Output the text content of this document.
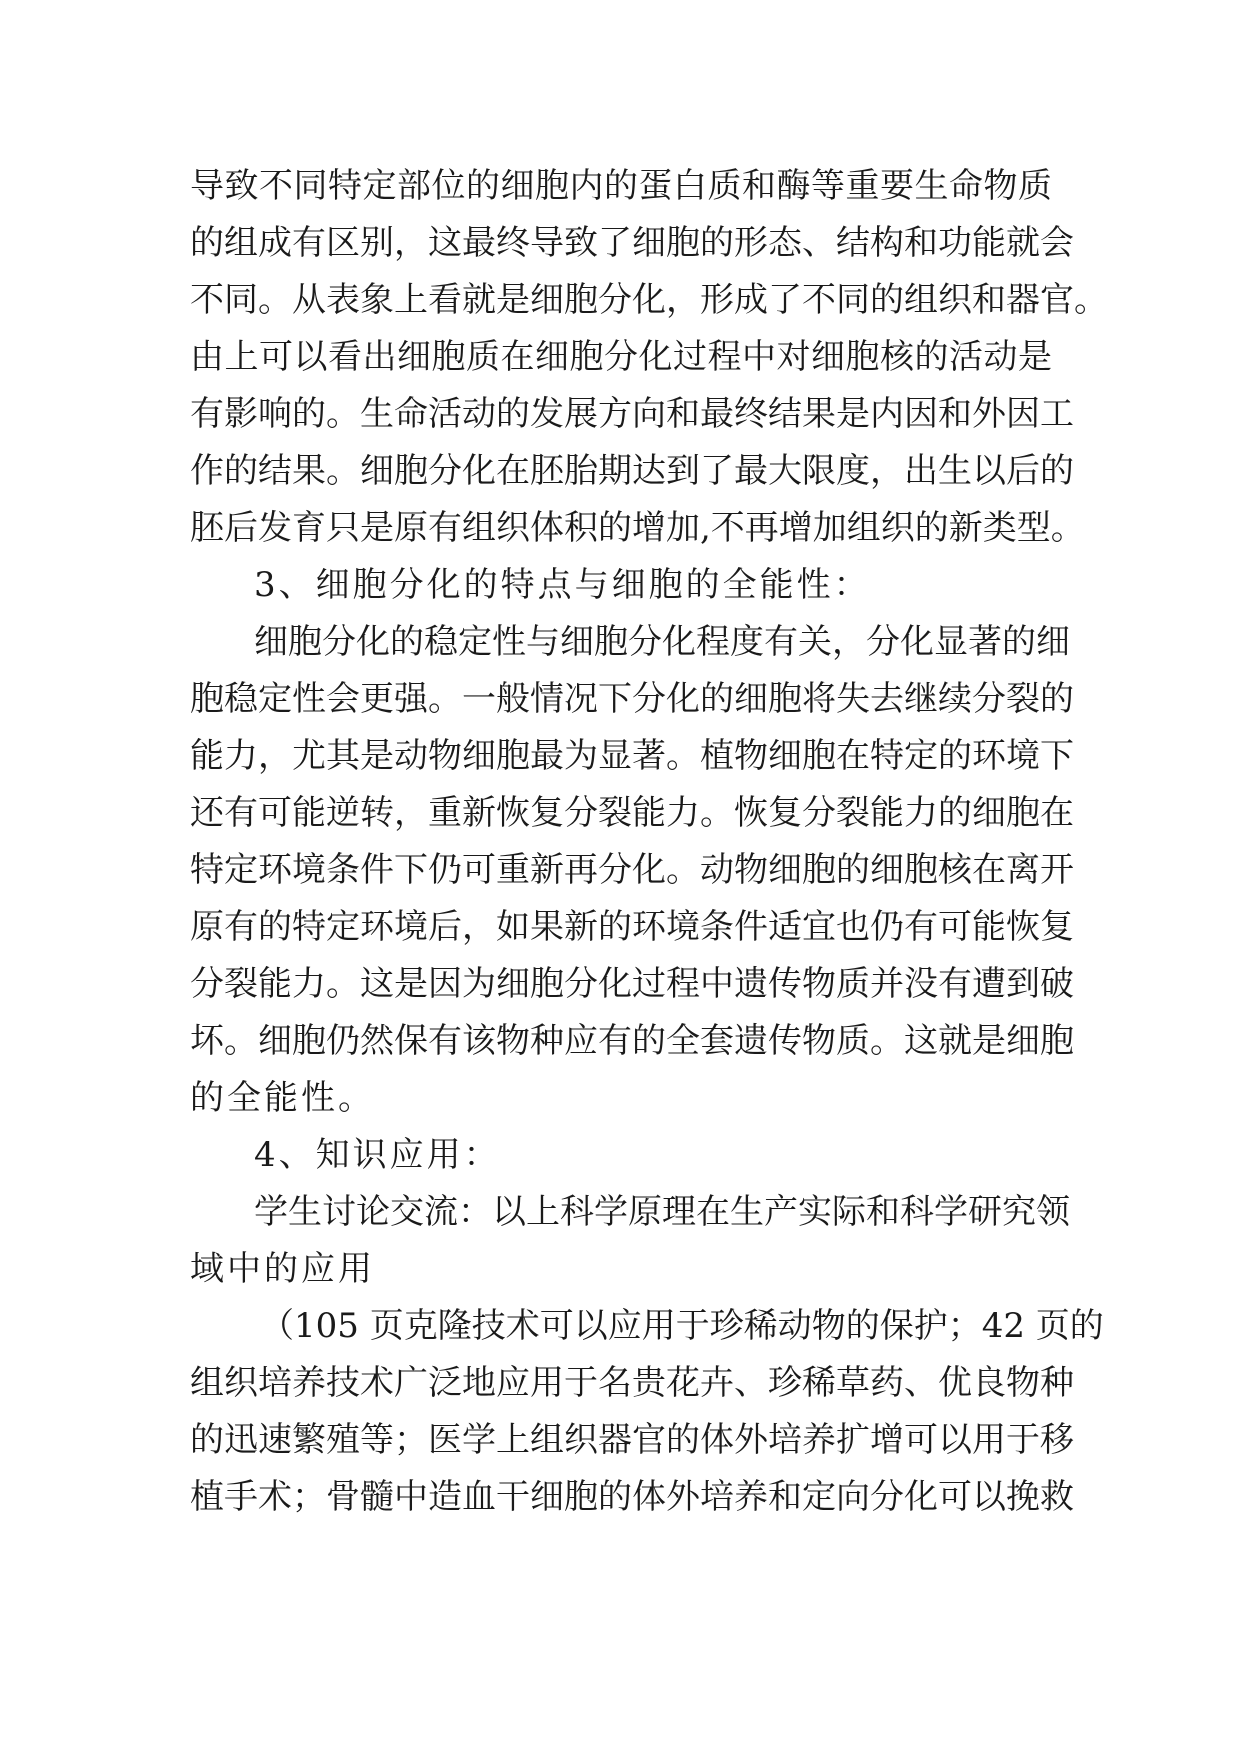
导致不同特定部位的细胞内的蛋白质和酶等重要生命物质
的组成有区别，这最终导致了细胞的形态、结构和功能就会
不同。从表象上看就是细胞分化，形成了不同的组织和器官。
由上可以看出细胞质在细胞分化过程中对细胞核的活动是
有影响的。生命活动的发展方向和最终结果是内因和外因工
作的结果。细胞分化在胚胎期达到了最大限度，出生以后的
胚后发育只是原有组织体积的增加,不再增加组织的新类型。
3、细胞分化的特点与细胞的全能性：
细胞分化的稳定性与细胞分化程度有关，分化显著的细
胞稳定性会更强。一般情况下分化的细胞将失去继续分裂的
能力，尤其是动物细胞最为显著。植物细胞在特定的环境下
还有可能逆转，重新恢复分裂能力。恢复分裂能力的细胞在
特定环境条件下仍可重新再分化。动物细胞的细胞核在离开
原有的特定环境后，如果新的环境条件适宜也仍有可能恢复
分裂能力。这是因为细胞分化过程中遗传物质并没有遭到破
坏。细胞仍然保有该物种应有的全套遗传物质。这就是细胞
的全能性。
4、知识应用：
学生讨论交流：以上科学原理在生产实际和科学研究领
域中的应用
（105 页克隆技术可以应用于珍稀动物的保护；42 页的
组织培养技术广泛地应用于名贵花卉、珍稀草药、优良物种
的迅速繁殖等；医学上组织器官的体外培养扩增可以用于移
植手术；骨髓中造血干细胞的体外培养和定向分化可以挽救
